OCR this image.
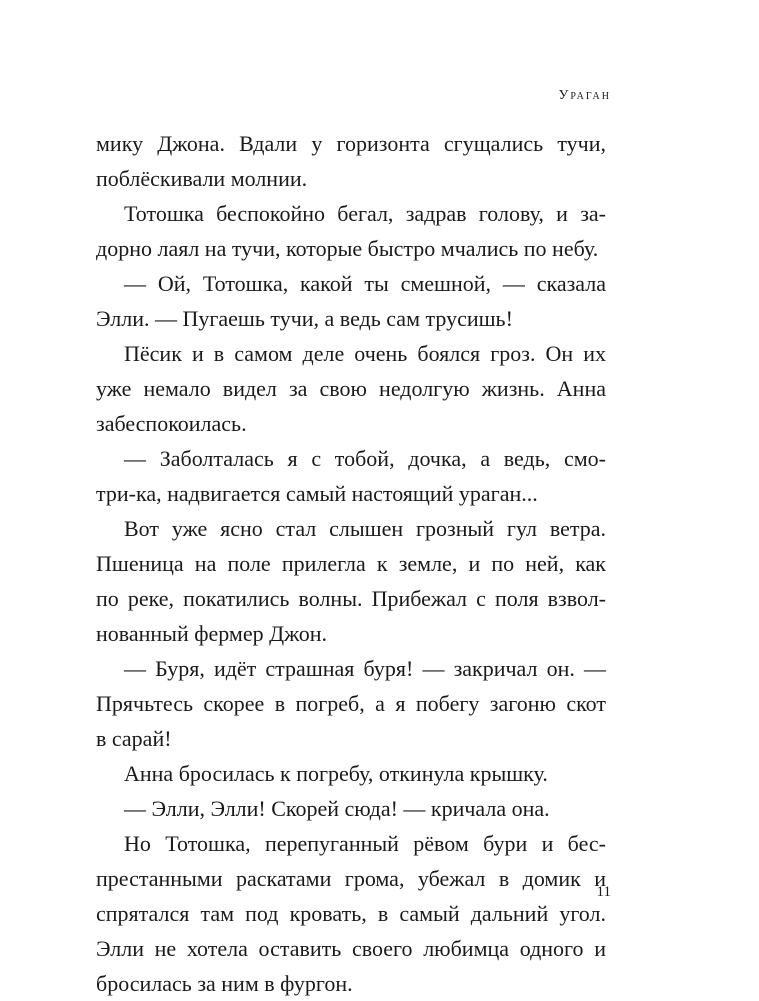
Ураган
мику Джона. Вдали у горизонта сгущались тучи,
поблёскивали молнии.
Тотошка беспокойно бегал, задрав голову, и за-
дорно лаял на тучи, которые быстро мчались по небу.
— Ой, Тотошка, какой ты смешной, — сказала
Элли. — Пугаешь тучи, а ведь сам трусишь!
Пёсик и в самом деле очень боялся гроз. Он их
уже немало видел за свою недолгую жизнь. Анна
забеспокоилась.
— Заболталась я с тобой, дочка, а ведь, смо-
три-ка, надвигается самый настоящий ураган...
Вот уже ясно стал слышен грозный гул ветра.
Пшеница на поле прилегла к земле, и по ней, как
по реке, покатились волны. Прибежал с поля взвол-
нованный фермер Джон.
— Буря, идёт страшная буря! — закричал он. —
Прячьтесь скорее в погреб, а я побегу загоню скот
в сарай!
Анна бросилась к погребу, откинула крышку.
— Элли, Элли! Скорей сюда! — кричала она.
Но Тотошка, перепуганный рёвом бури и бес-
престанными раскатами грома, убежал в домик и
спрятался там под кровать, в самый дальний угол.
Элли не хотела оставить своего любимца одного и
бросилась за ним в фургон.
11
